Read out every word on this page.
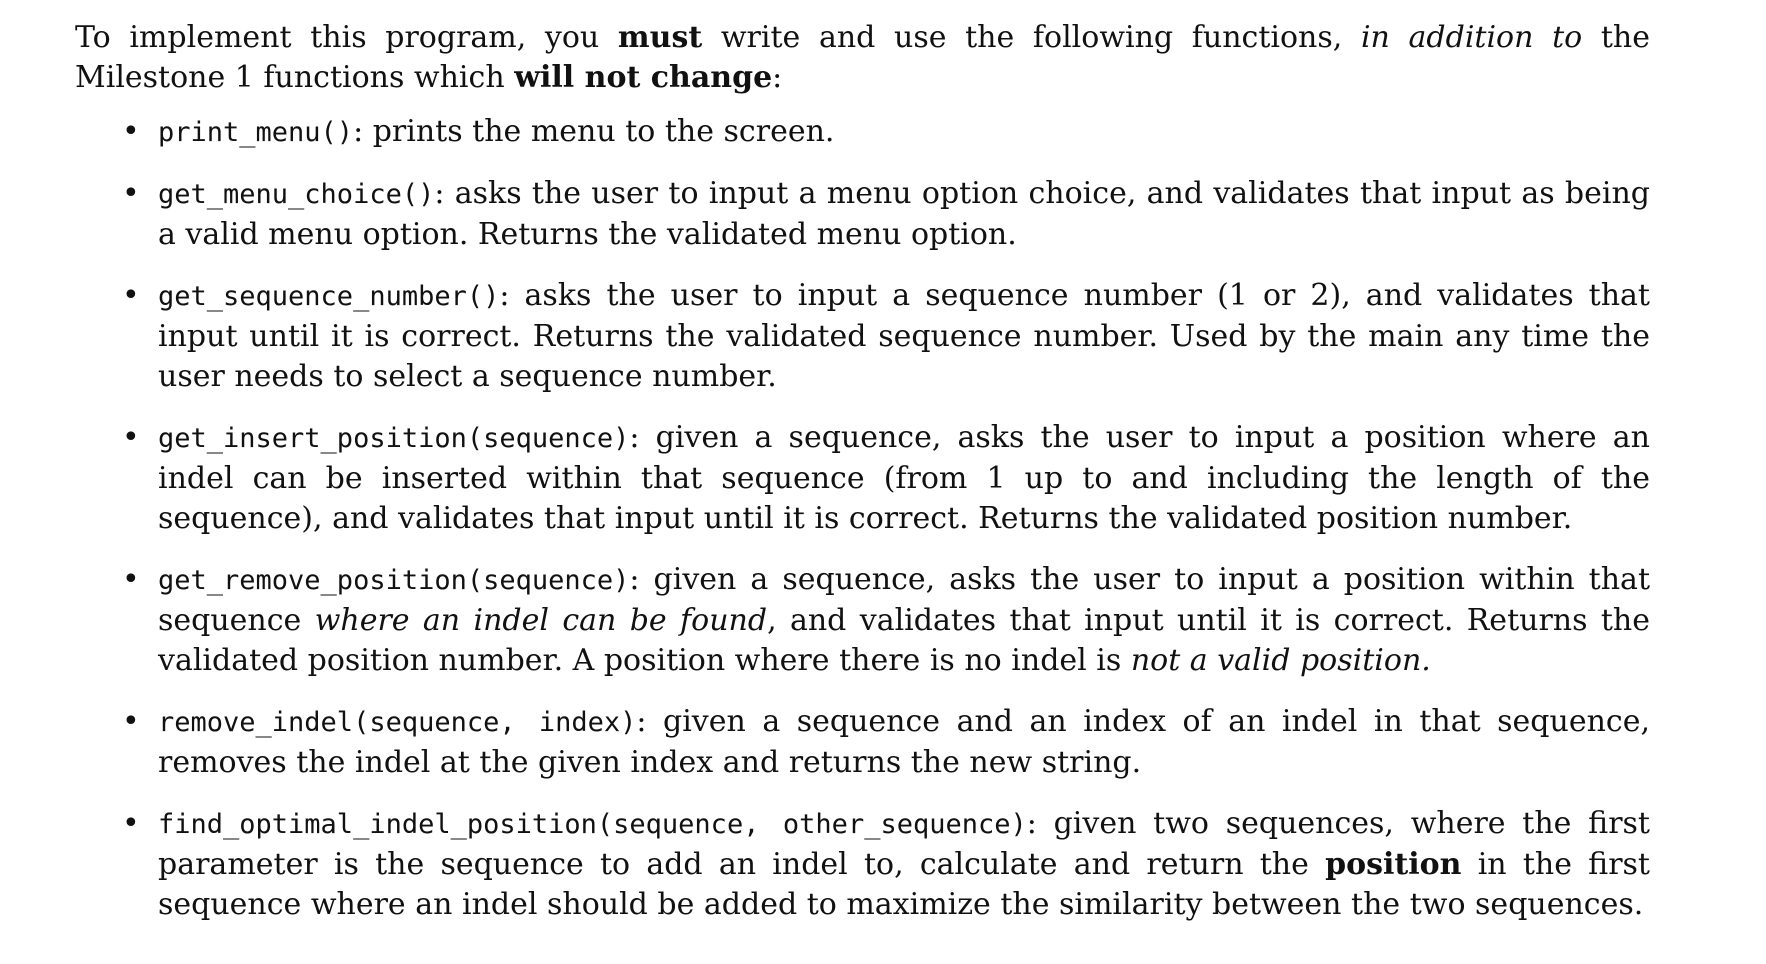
To implement this program, you must write and use the following functions, in addition to the Milestone 1 functions which will not change:

• print_menu(): prints the menu to the screen.
• get_menu_choice(): asks the user to input a menu option choice, and validates that input as being a valid menu option. Returns the validated menu option.
• get_sequence_number(): asks the user to input a sequence number (1 or 2), and validates that input until it is correct. Returns the validated sequence number. Used by the main any time the user needs to select a sequence number.
• get_insert_position(sequence): given a sequence, asks the user to input a position where an indel can be inserted within that sequence (from 1 up to and including the length of the sequence), and validates that input until it is correct. Returns the validated position number.
• get_remove_position(sequence): given a sequence, asks the user to input a position within that sequence where an indel can be found, and validates that input until it is correct. Returns the validated position number. A position where there is no indel is not a valid position.
• remove_indel(sequence, index): given a sequence and an index of an indel in that sequence, removes the indel at the given index and returns the new string.
• find_optimal_indel_position(sequence, other_sequence): given two sequences, where the first parameter is the sequence to add an indel to, calculate and return the position in the first sequence where an indel should be added to maximize the similarity between the two sequences.
